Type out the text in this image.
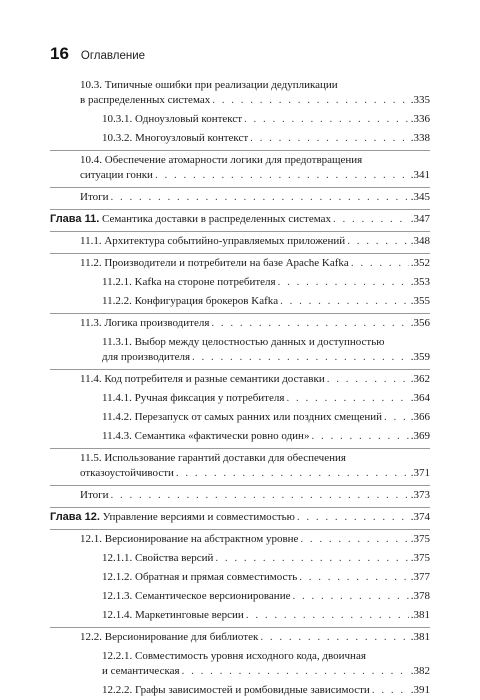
16 Оглавление
10.3. Типичные ошибки при реализации дедупликации
в распределенных системах . . .	.335
10.3.1. Одноузловый контекст . . .	.336
10.3.2. Многоузловый контекст . . .	.338
10.4. Обеспечение атомарности логики для предотвращения
ситуации гонки . . .	.341
Итоги . . .	.345
Глава 11. Семантика доставки в распределенных системах . . .	.347
11.1. Архитектура событийно-управляемых приложений . . .	.348
11.2. Производители и потребители на базе Apache Kafka . . .	.352
11.2.1. Kafka на стороне потребителя . . .	.353
11.2.2. Конфигурация брокеров Kafka . . .	.355
11.3. Логика производителя . . .	.356
11.3.1. Выбор между целостностью данных и доступностью
для производителя . . .	.359
11.4. Код потребителя и разные семантики доставки . . .	.362
11.4.1. Ручная фиксация у потребителя . . .	.364
11.4.2. Перезапуск от самых ранних или поздних смещений . . .	.366
11.4.3. Семантика «фактически ровно один» . . .	.369
11.5. Использование гарантий доставки для обеспечения
отказоустойчивости . . .	.371
Итоги . . .	.373
Глава 12. Управление версиями и совместимостью . . .	.374
12.1. Версионирование на абстрактном уровне . . .	.375
12.1.1. Свойства версий . . .	.375
12.1.2. Обратная и прямая совместимость . . .	.377
12.1.3. Семантическое версионирование . . .	.378
12.1.4. Маркетинговые версии . . .	.381
12.2. Версионирование для библиотек . . .	.381
12.2.1. Совместимость уровня исходного кода, двоичная
и семантическая . . .	.382
12.2.2. Графы зависимостей и ромбовидные зависимости . . .	.391
